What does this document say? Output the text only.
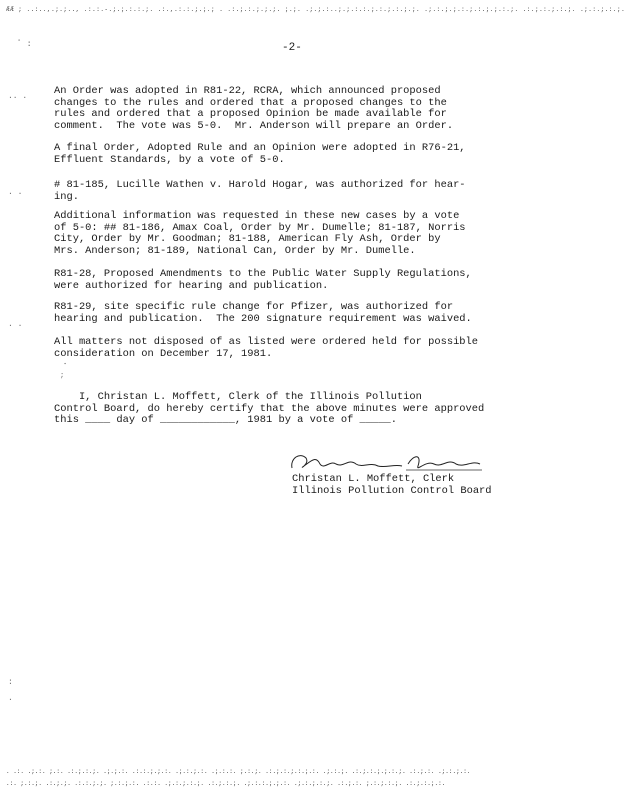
ÆÆ ; ..:..,.;.;.., .:.:.-.;.;.:.:.;. .:.,.:.:.;.;.; . .:.;.:.;.;.;. ;.;. .;.;.:..;.;.:.:.;.:.;.:.;.;. .;.:.;.;.:.;.:.;.;.:.;. .:.;.:.;.:.;. .;.:.;.:.;.
ﾟ :	-2-
.. .
. .
. .
An Order was adopted in R81-22, RCRA, which announced proposed
changes to the rules and ordered that a proposed changes to the
rules and ordered that a proposed Opinion be made available for
comment.  The vote was 5-0.  Mr. Anderson will prepare an Order.
A final Order, Adopted Rule and an Opinion were adopted in R76-21,
Effluent Standards, by a vote of 5-0.
# 81-185, Lucille Wathen v. Harold Hogar, was authorized for hear-
ing.
Additional information was requested in these new cases by a vote
of 5-0: ## 81-186, Amax Coal, Order by Mr. Dumelle; 81-187, Norris
City, Order by Mr. Goodman; 81-188, American Fly Ash, Order by
Mrs. Anderson; 81-189, National Can, Order by Mr. Dumelle.
R81-28, Proposed Amendments to the Public Water Supply Regulations,
were authorized for hearing and publication.
R81-29, site specific rule change for Pfizer, was authorized for
hearing and publication.  The 200 signature requirement was waived.
All matters not disposed of as listed were ordered held for possible
consideration on December 17, 1981.
ꞏ
;
I, Christan L. Moffett, Clerk of the Illinois Pollution
Control Board, do hereby certify that the above minutes were approved
this ____ day of ____________, 1981 by a vote of _____.
Christan L. Moffett, Clerk
Illinois Pollution Control Board
:
.
. .:. .;.:. ;.:. .:.;.:.;. .;.;.:. .:.:.;.;.:. .;.:.;.:. .;.:.:. ;.:.;. .:.;.:.;.:.;.:. .;.:.;. .:.;.:.;.;.:.;. .:.;.:. .;.:.;.:.
.:. ;.:.;. .:.;.;. .:.:.;.;. ;.:.;.:. .:.:. .;.:.;.:.;. .:.;.:.;. .;.:.:.;.;.:. .;.:.;.:.;. .:.;.:. ;.:.;.:.;. .:.;.:.;.:.
